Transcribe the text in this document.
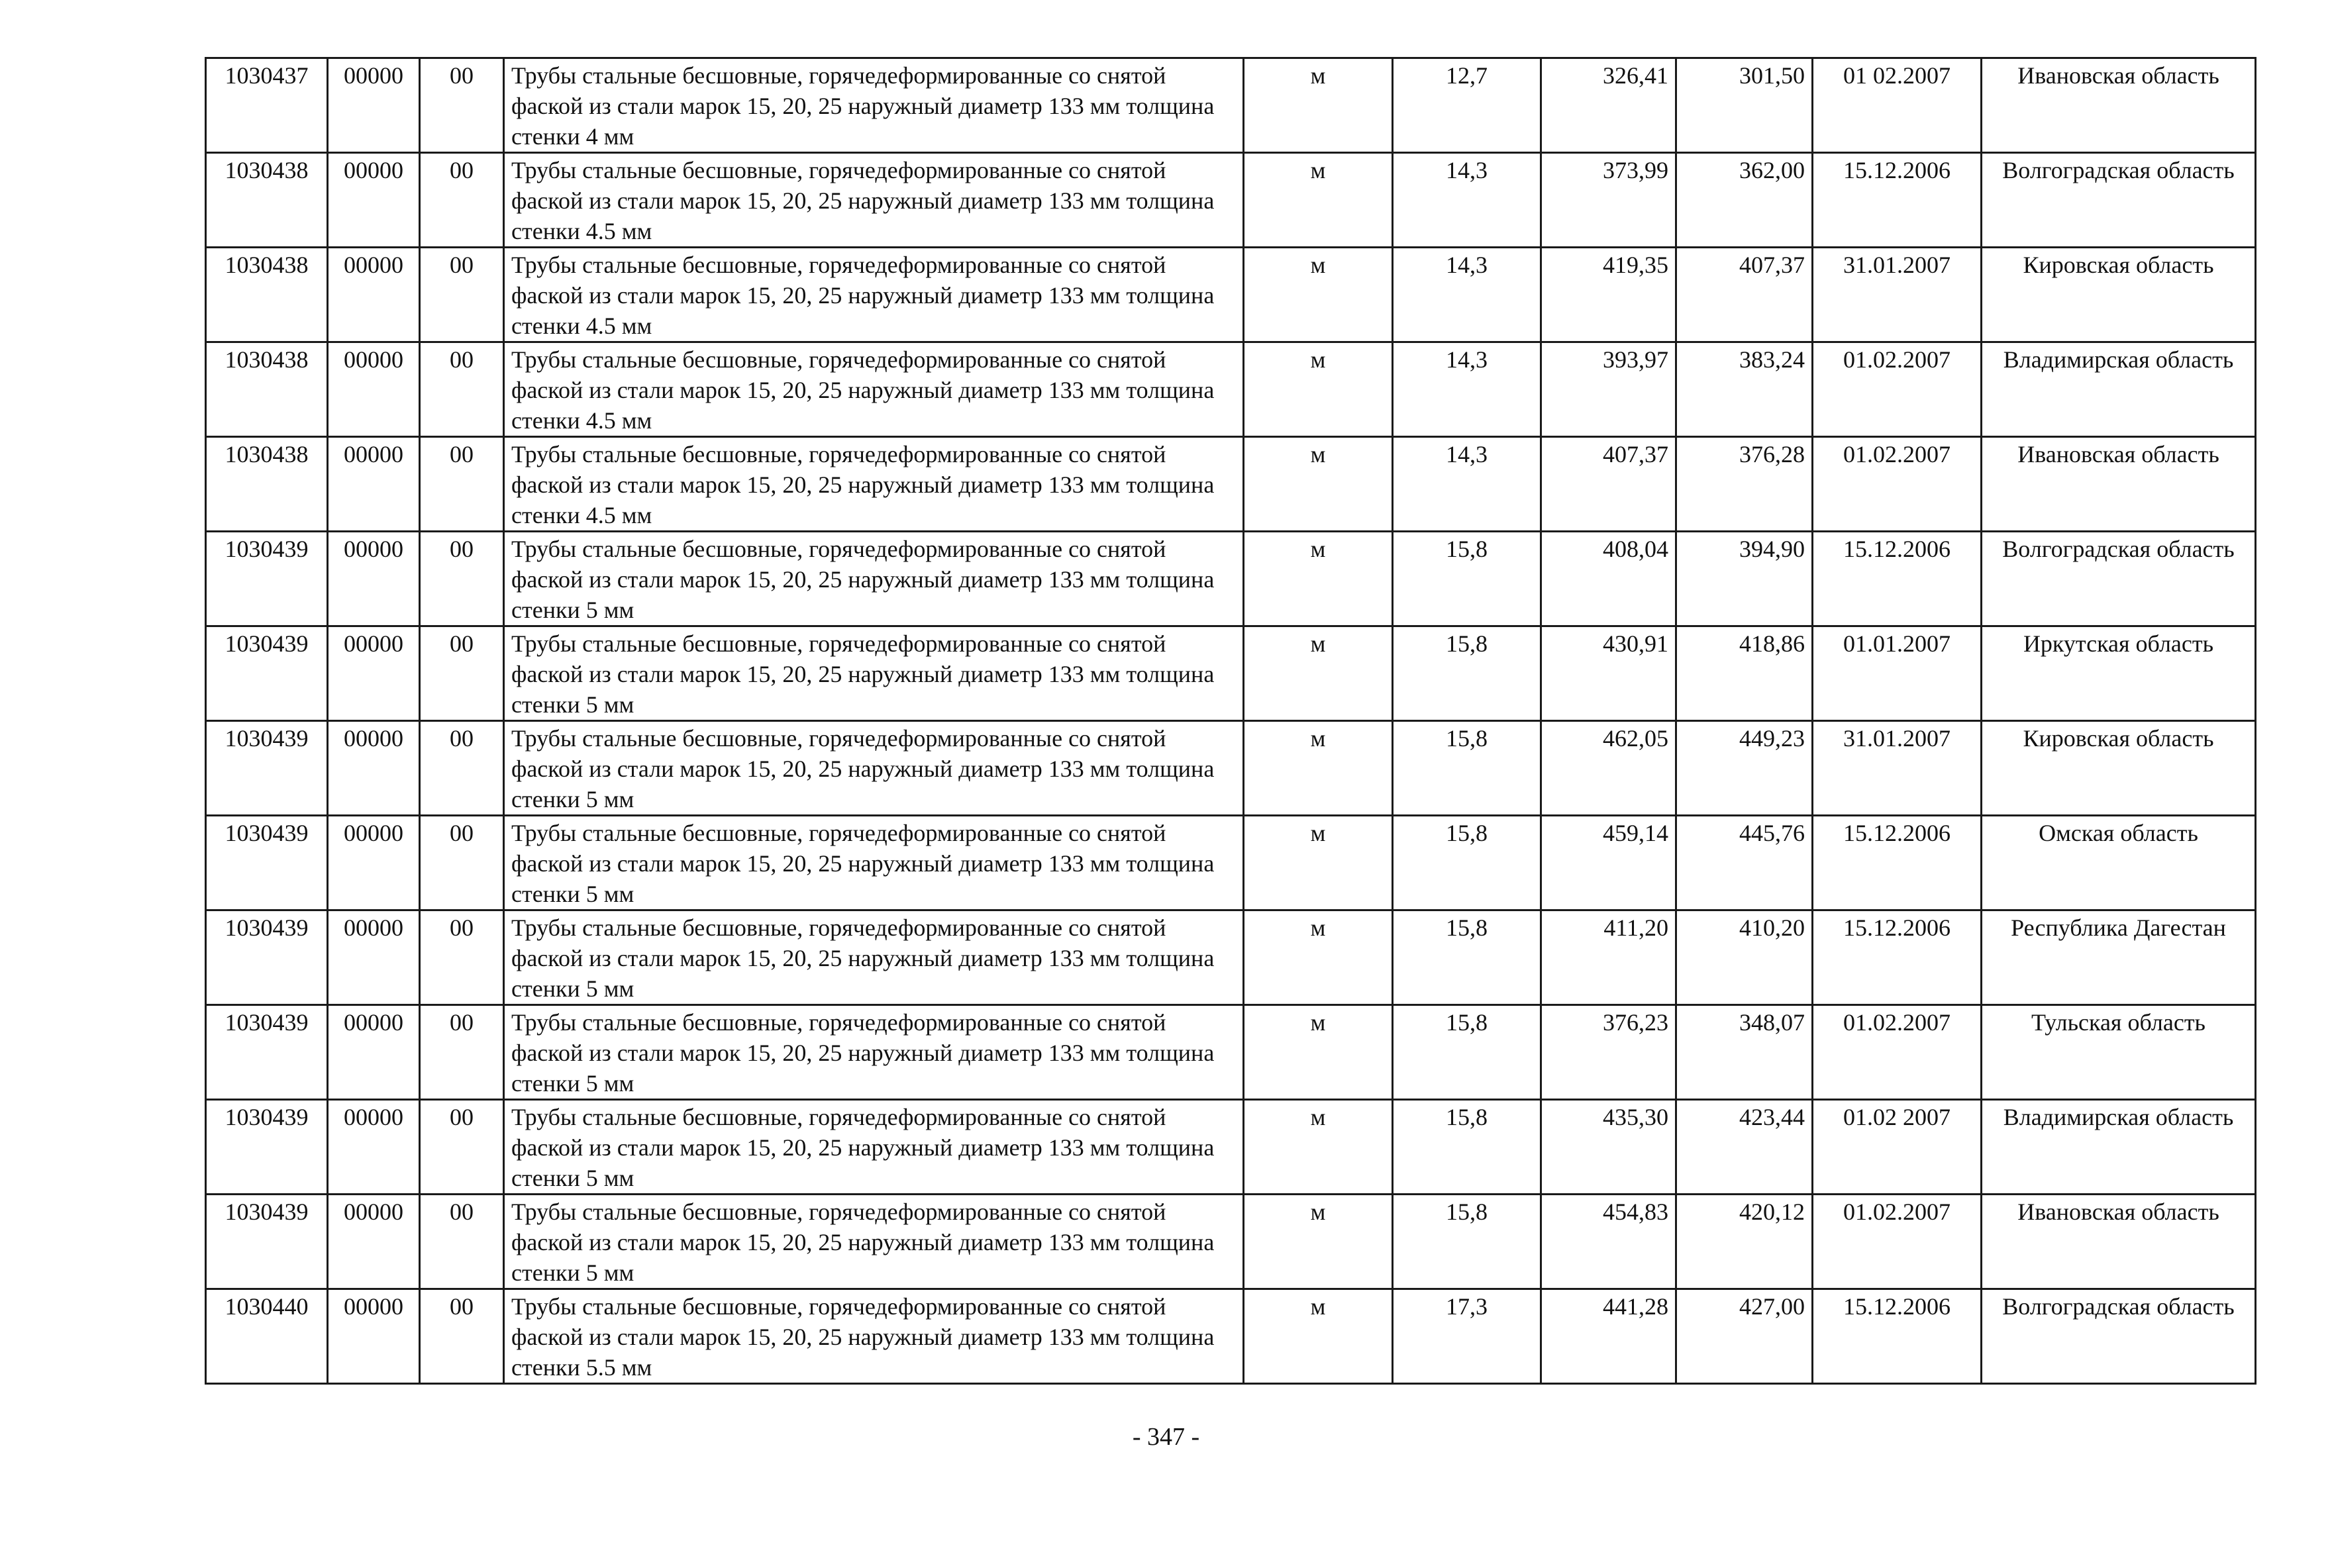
1030437	00000	00	Трубы стальные бесшовные, горячедеформированные со снятой фаской из стали марок 15, 20, 25 наружный диаметр 133 мм толщина стенки 4 мм	м	12,7	326,41	301,50	01 02.2007	Ивановская область
1030438	00000	00	Трубы стальные бесшовные, горячедеформированные со снятой фаской из стали марок 15, 20, 25 наружный диаметр 133 мм толщина стенки 4.5 мм	м	14,3	373,99	362,00	15.12.2006	Волгоградская область
1030438	00000	00	Трубы стальные бесшовные, горячедеформированные со снятой фаской из стали марок 15, 20, 25 наружный диаметр 133 мм толщина стенки 4.5 мм	м	14,3	419,35	407,37	31.01.2007	Кировская область
1030438	00000	00	Трубы стальные бесшовные, горячедеформированные со снятой фаской из стали марок 15, 20, 25 наружный диаметр 133 мм толщина стенки 4.5 мм	м	14,3	393,97	383,24	01.02.2007	Владимирская область
1030438	00000	00	Трубы стальные бесшовные, горячедеформированные со снятой фаской из стали марок 15, 20, 25 наружный диаметр 133 мм толщина стенки 4.5 мм	м	14,3	407,37	376,28	01.02.2007	Ивановская область
1030439	00000	00	Трубы стальные бесшовные, горячедеформированные со снятой фаской из стали марок 15, 20, 25 наружный диаметр 133 мм толщина стенки 5 мм	м	15,8	408,04	394,90	15.12.2006	Волгоградская область
1030439	00000	00	Трубы стальные бесшовные, горячедеформированные со снятой фаской из стали марок 15, 20, 25 наружный диаметр 133 мм толщина стенки 5 мм	м	15,8	430,91	418,86	01.01.2007	Иркутская область
1030439	00000	00	Трубы стальные бесшовные, горячедеформированные со снятой фаской из стали марок 15, 20, 25 наружный диаметр 133 мм толщина стенки 5 мм	м	15,8	462,05	449,23	31.01.2007	Кировская область
1030439	00000	00	Трубы стальные бесшовные, горячедеформированные со снятой фаской из стали марок 15, 20, 25 наружный диаметр 133 мм толщина стенки 5 мм	м	15,8	459,14	445,76	15.12.2006	Омская область
1030439	00000	00	Трубы стальные бесшовные, горячедеформированные со снятой фаской из стали марок 15, 20, 25 наружный диаметр 133 мм толщина стенки 5 мм	м	15,8	411,20	410,20	15.12.2006	Республика Дагестан
1030439	00000	00	Трубы стальные бесшовные, горячедеформированные со снятой фаской из стали марок 15, 20, 25 наружный диаметр 133 мм толщина стенки 5 мм	м	15,8	376,23	348,07	01.02.2007	Тульская область
1030439	00000	00	Трубы стальные бесшовные, горячедеформированные со снятой фаской из стали марок 15, 20, 25 наружный диаметр 133 мм толщина стенки 5 мм	м	15,8	435,30	423,44	01.02 2007	Владимирская область
1030439	00000	00	Трубы стальные бесшовные, горячедеформированные со снятой фаской из стали марок 15, 20, 25 наружный диаметр 133 мм толщина стенки 5 мм	м	15,8	454,83	420,12	01.02.2007	Ивановская область
1030440	00000	00	Трубы стальные бесшовные, горячедеформированные со снятой фаской из стали марок 15, 20, 25 наружный диаметр 133 мм толщина стенки 5.5 мм	м	17,3	441,28	427,00	15.12.2006	Волгоградская область
- 347 -
